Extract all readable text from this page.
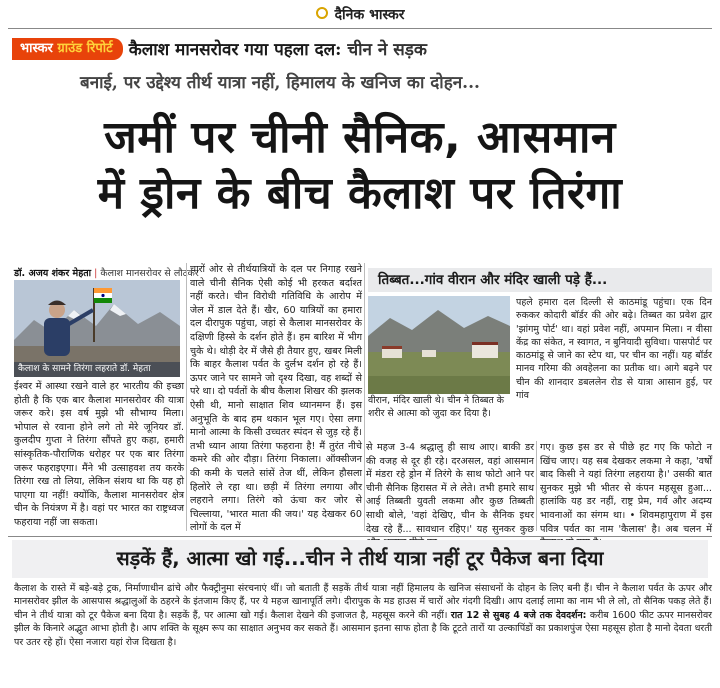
दैनिक भास्कर
भास्कर ग्राउंड रिपोर्ट कैलाश मानसरोवर गया पहला दल: चीन ने सड़क
बनाई, पर उद्देश्य तीर्थ यात्रा नहीं, हिमालय के खनिज का दोहन...
जमीं पर चीनी सैनिक, आसमान
में ड्रोन के बीच कैलाश पर तिरंगा
डॉ. अजय शंकर मेहता | कैलाश मानसरोवर से लौटकर
कैलाश के सामने तिरंगा लहराते डॉ. मेहता
ईश्वर में आस्था रखने वाले हर भारतीय की इच्छा होती है कि एक बार कैलाश मानसरोवर की यात्रा जरूर करे। इस वर्ष मुझे भी सौभाग्य मिला। भोपाल से रवाना होने लगे तो मेरे जूनियर डॉ. कुलदीप गुप्ता ने तिरंगा सौंपते हुए कहा, हमारी सांस्कृतिक-पौराणिक धरोहर पर एक बार तिरंगा जरूर फहराइएगा। मैंने भी उत्साहवश तय करके तिरंगा रख तो लिया, लेकिन संशय था कि यह हो पाएगा या नहीं! क्योंकि, कैलाश मानसरोवर क्षेत्र चीन के नियंत्रण में है। वहां पर भारत का राष्ट्रध्वज फहराया नहीं जा सकता।
चारों ओर से तीर्थयात्रियों के दल पर निगाह रखने वाले चीनी सैनिक ऐसी कोई भी हरकत बर्दाश्त नहीं करते। चीन विरोधी गतिविधि के आरोप में जेल में डाल देते हैं। खैर, 60 यात्रियों का हमारा दल दीरापुक पहुंचा, जहां से कैलाश मानसरोवर के दक्षिणी हिस्से के दर्शन होते हैं। हम बारिश में भीग चुके थे। थोड़ी देर में जैसे ही तैयार हुए, खबर मिली कि बाहर कैलाश पर्वत के दुर्लभ दर्शन हो रहे हैं। ऊपर जाने पर सामने जो दृश्य दिखा, वह शब्दों से परे था। दो पर्वतों के बीच कैलाश शिखर की झलक ऐसी थी, मानो साक्षात शिव ध्यानमग्न हैं। इस अनुभूति के बाद हम थकान भूल गए। ऐसा लगा मानो आत्मा के किसी उच्चतर स्पंदन से जुड़ रहे हैं। तभी ध्यान आया तिरंगा फहराना है! मैं तुरंत नीचे कमरे की ओर दौड़ा। तिरंगा निकाला। ऑक्सीजन की कमी के चलते सांसें तेज थीं, लेकिन हौसला हिलोरे ले रहा था। छड़ी में तिरंगा लगाया और लहराने लगा। तिरंगे को ऊंचा कर जोर से चिल्लाया, 'भारत माता की जय।' यह देखकर 60 लोगों के दल में
तिब्बत...गांव वीरान और मंदिर खाली पड़े हैं...
वीरान, मंदिर खाली थे। चीन ने तिब्बत के शरीर से आत्मा को जुदा कर दिया है।
पहले हमारा दल दिल्ली से काठमांडू पहुंचा। एक दिन रुककर कोदारी बॉर्डर की ओर बढ़े। तिब्बत का प्रवेश द्वार 'झांगमु पोर्ट' था। वहां प्रवेश नहीं, अपमान मिला। न वीसा केंद्र का संकेत, न स्वागत, न बुनियादी सुविधा। पासपोर्ट पर काठमांडू से जाने का स्टेप था, पर चीन का नहीं। यह बॉर्डर मानव गरिमा की अवहेलना का प्रतीक था। आगे बढ़ने पर चीन की शानदार डबललेन रोड से यात्रा आसान हुई, पर गांव
से महज 3-4 श्रद्धालु ही साथ आए। बाकी डर की वजह से दूर ही रहे। दरअसल, वहां आसमान में मंडरा रहे ड्रोन में तिरंगे के साथ फोटो आने पर चीनी सैनिक हिरासत में ले लेते। तभी हमारे साथ आई तिब्बती युवती लकमा और कुछ तिब्बती साथी बोले, 'वहां देखिए, चीन के सैनिक इधर देख रहे हैं... सावधान रहिए।' यह सुनकर कुछ
गए। कुछ इस डर से पीछे हट गए कि फोटो न खिंच जाए। यह सब देखकर लकमा ने कहा, 'वर्षों बाद किसी ने यहां तिरंगा लहराया है।' उसकी बात सुनकर मुझे भी भीतर से कंपन महसूस हुआ... हालांकि यह डर नहीं, राष्ट्र प्रेम, गर्व और अदम्य भावनाओं का संगम था। • शिवमहापुराण में इस पवित्र पर्वत का नाम 'कैलास' है। अब चलन में
सड़कें हैं, आत्मा खो गई...चीन ने तीर्थ यात्रा नहीं टूर पैकेज बना दिया
कैलाश के रास्ते में बड़े-बड़े ट्रक, निर्माणाधीन ढांचे और फैक्ट्रीनुमा संरचनाएं थीं। जो बताती हैं सड़कें तीर्थ यात्रा नहीं हिमालय के खनिज संसाधनों के दोहन के लिए बनी हैं। चीन ने कैलाश पर्वत के ऊपर और मानसरोवर झील के आसपास श्रद्धालुओं के ठहरने के इंतजाम किए हैं, पर ये महज खानापूर्ति लगे। दीरापुक के मड हाउस में चारों ओर गंदगी दिखी। आप दलाई लामा का नाम भी ले लो, तो सैनिक पकड़ लेते हैं। चीन ने तीर्थ यात्रा को टूर पैकेज बना दिया है। सड़कें हैं, पर आत्मा खो गई। कैलाश देखने की इजाजत है, महसूस करने की नहीं। रात 12 से सुबह 4 बजे तक देवदर्शन: करीब 1600 फीट ऊपर मानसरोवर झील के किनारे अद्भुत आभा होती है। आप शक्ति के सूक्ष्म रूप का साक्षात अनुभव कर सकते हैं। आसमान इतना साफ होता है कि टूटते तारों या उल्कापिंडों का प्रकाशपुंज ऐसा महसूस होता है मानो देवता धरती पर उतर रहे हों। ऐसा नजारा यहां रोज दिखता है।
